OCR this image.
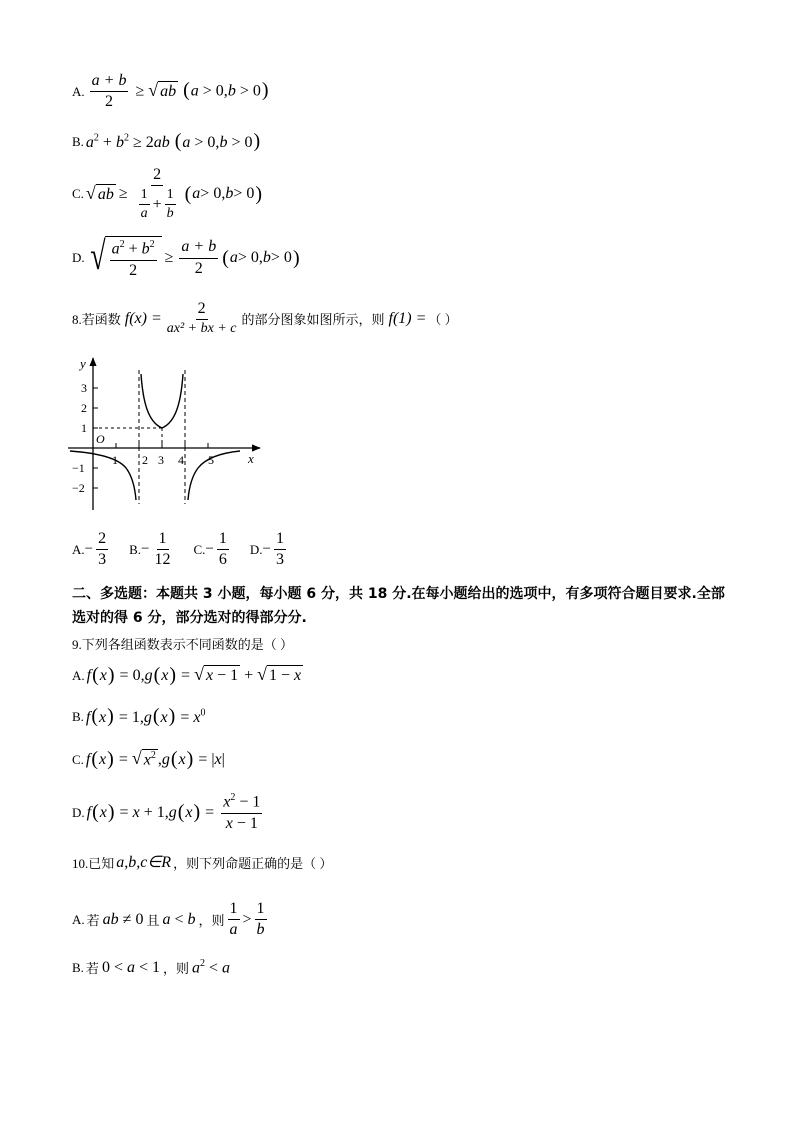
A. $\frac{a + b}{2}$ ≥ √ ab (a > 0,b > 0)
B. $a^2 + b^2 \ge 2ab$ (a > 0,b > 0)
C. √ ab ≥ $\frac{2}{\frac{1}{a} + \frac{1}{b}}$ ( a > 0, b > 0 )
D. √ $\frac{a^2 + b^2}{2} \ge \frac{a + b}{2}$ ( a > 0, b > 0 )
8.若函数 $f(x) = \frac{2}{\text{ax² + bx + c}}$ 的部分图象如图所示，则 f(1) = （ ）
y
x
O
3
2
1
−1
−2
1 2 3 4 5
A. − $\frac{2}{3} B$. − $\frac{1}{12} C$. − $\frac{1}{6} D$. − $\frac{1}{3}$
二、多选题：本题共 3 小题，每小题 6 分，共 18 分.在每小题给出的选项中，有多项符合题目要求.全部选对的得 6 分，部分选对的得部分分.
9.下列各组函数表示不同函数的是（ ）
A. f ( x ) = 0, g ( x ) = √ x − 1 + √ 1 − x
B. $f(x) = 1,g(x) = x^0$
C. f ( x ) = √ $x^2$ , g ( x ) = | x |
D. f ( x ) = x + 1, g ( x ) = $\frac{x^2 - 1}{x - 1}$
10.已知 a,b,c∈R ，则下列命题正确的是（ ）
A. 若 ab ≠ 0 且 a < b ，则 $\frac{1}{a} > \frac{1}{b}$
B. 若 0 < a < 1 ，则 $a^2 < a$
